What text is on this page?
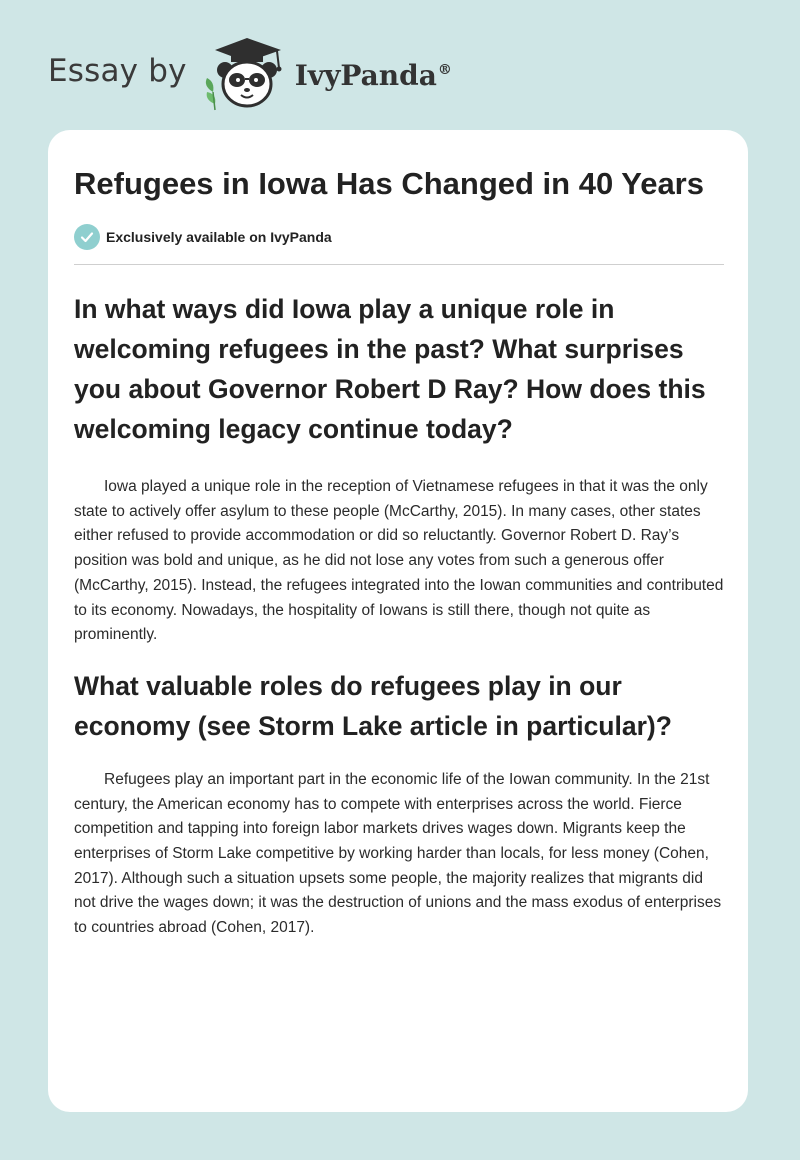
Essay by	IvyPanda®
Refugees in Iowa Has Changed in 40 Years
Exclusively available on IvyPanda
In what ways did Iowa play a unique role in welcoming refugees in the past? What surprises you about Governor Robert D Ray? How does this welcoming legacy continue today?

Iowa played a unique role in the reception of Vietnamese refugees in that it was the only state to actively offer asylum to these people (McCarthy, 2015). In many cases, other states either refused to provide accommodation or did so reluctantly. Governor Robert D. Ray’s position was bold and unique, as he did not lose any votes from such a generous offer (McCarthy, 2015). Instead, the refugees integrated into the Iowan communities and contributed to its economy. Nowadays, the hospitality of Iowans is still there, though not quite as prominently.

What valuable roles do refugees play in our economy (see Storm Lake article in particular)?

Refugees play an important part in the economic life of the Iowan community. In the 21st century, the American economy has to compete with enterprises across the world. Fierce competition and tapping into foreign labor markets drives wages down. Migrants keep the enterprises of Storm Lake competitive by working harder than locals, for less money (Cohen, 2017). Although such a situation upsets some people, the majority realizes that migrants did not drive the wages down; it was the destruction of unions and the mass exodus of enterprises to countries abroad (Cohen, 2017).
